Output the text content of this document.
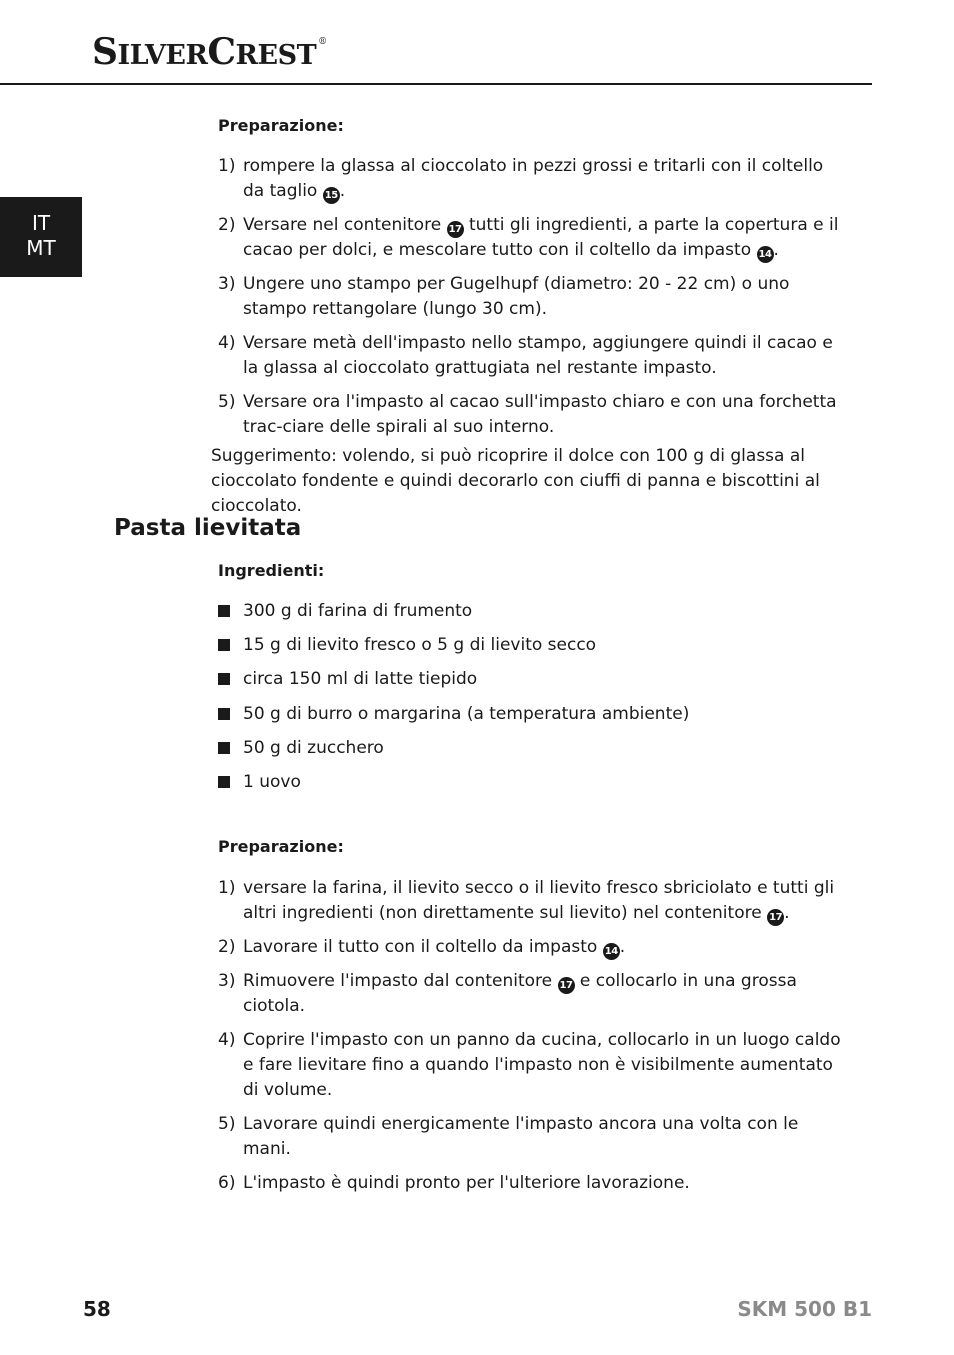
SILVERCREST ®
IT
MT
Preparazione:
1) rompere la glassa al cioccolato in pezzi grossi e tritarli con il coltello da taglio 15 .
2) Versare nel contenitore 17 tutti gli ingredienti, a parte la copertura e il cacao per dolci, e mescolare tutto con il coltello da impasto 14 .
3) Ungere uno stampo per Gugelhupf (diametro: 20 - 22 cm) o uno stampo rettangolare (lungo 30 cm).
4) Versare metà dell'impasto nello stampo, aggiungere quindi il cacao e la glassa al cioccolato grattugiata nel restante impasto.
5) Versare ora l'impasto al cacao sull'impasto chiaro e con una forchetta trac-ciare delle spirali al suo interno.

Suggerimento: volendo, si può ricoprire il dolce con 100 g di glassa al cioccolato fondente e quindi decorarlo con ciuffi di panna e biscottini al cioccolato.

Pasta lievitata
Ingredienti:
300 g di farina di frumento
15 g di lievito fresco o 5 g di lievito secco
circa 150 ml di latte tiepido
50 g di burro o margarina (a temperatura ambiente)
50 g di zucchero
1 uovo
Preparazione:
1) versare la farina, il lievito secco o il lievito fresco sbriciolato e tutti gli altri ingredienti (non direttamente sul lievito) nel contenitore 17 .
2) Lavorare il tutto con il coltello da impasto 14 .
3) Rimuovere l'impasto dal contenitore 17 e collocarlo in una grossa ciotola.
4) Coprire l'impasto con un panno da cucina, collocarlo in un luogo caldo e fare lievitare fino a quando l'impasto non è visibilmente aumentato di volume.
5) Lavorare quindi energicamente l'impasto ancora una volta con le mani.
6) L'impasto è quindi pronto per l'ulteriore lavorazione.

58	SKM 500 B1
